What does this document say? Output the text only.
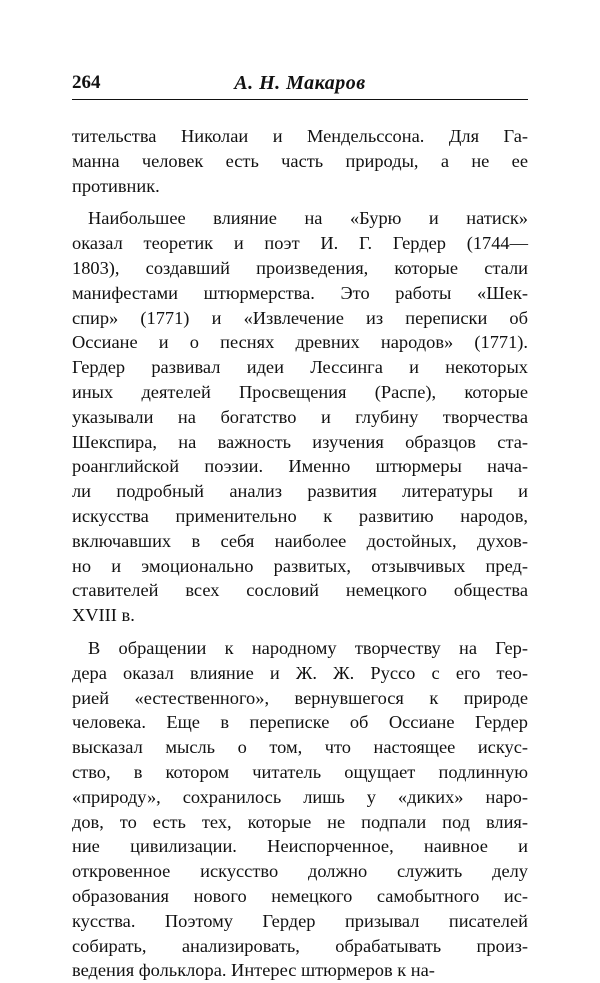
264	А. Н. Макаров
тительства Николаи и Мендельссона. Для Га-
манна человек есть часть природы, а не ее
противник.
Наибольшее влияние на «Бурю и натиск»
оказал теоретик и поэт И. Г. Гердер (1744—
1803), создавший произведения, которые стали
манифестами штюрмерства. Это работы «Шек-
спир» (1771) и «Извлечение из переписки об
Оссиане и о песнях древних народов» (1771).
Гердер развивал идеи Лессинга и некоторых
иных деятелей Просвещения (Распе), которые
указывали на богатство и глубину творчества
Шекспира, на важность изучения образцов ста-
роанглийской поэзии. Именно штюрмеры нача-
ли подробный анализ развития литературы и
искусства применительно к развитию народов,
включавших в себя наиболее достойных, духов-
но и эмоционально развитых, отзывчивых пред-
ставителей всех сословий немецкого общества
XVIII в.
В обращении к народному творчеству на Гер-
дера оказал влияние и Ж. Ж. Руссо с его тео-
рией «естественного», вернувшегося к природе
человека. Еще в переписке об Оссиане Гердер
высказал мысль о том, что настоящее искус-
ство, в котором читатель ощущает подлинную
«природу», сохранилось лишь у «диких» наро-
дов, то есть тех, которые не подпали под влия-
ние цивилизации. Неиспорченное, наивное и
откровенное искусство должно служить делу
образования нового немецкого самобытного ис-
кусства. Поэтому Гердер призывал писателей
собирать, анализировать, обрабатывать произ-
ведения фольклора. Интерес штюрмеров к на-
